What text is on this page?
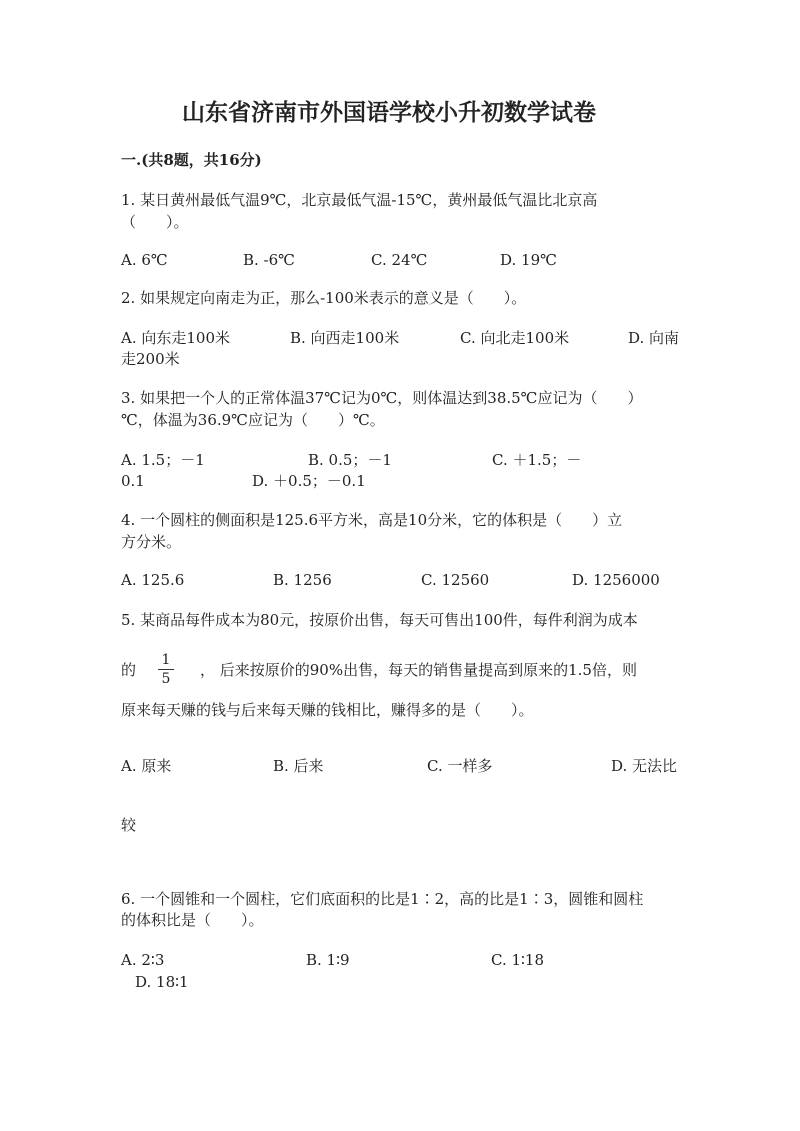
山东省济南市外国语学校小升初数学试卷
一.(共8题，共16分)
1. 某日黄州最低气温9℃，北京最低气温-15℃，黄州最低气温比北京高
（　　）。
A. 6℃	B. -6℃	C. 24℃	D. 19℃
2. 如果规定向南走为正，那么-100米表示的意义是（　　）。
A. 向东走100米	B. 向西走100米	C. 向北走100米	D. 向南
走200米
3. 如果把一个人的正常体温37℃记为0℃，则体温达到38.5℃应记为（　　）
℃，体温为36.9℃应记为（　　）℃。
A. 1.5；－1	B. 0.5；－1	C. ＋1.5；－
0.1	D. ＋0.5；－0.1
4. 一个圆柱的侧面积是125.6平方米，高是10分米，它的体积是（　　）立
方分米。
A. 125.6	B. 1256	C. 12560	D. 1256000
5. 某商品每件成本为80元，按原价出售，每天可售出100件，每件利润为成本
的 $\frac{1}{5}$ ， 后来按原价的90%出售，每天的销售量提高到原来的1.5倍，则
原来每天赚的钱与后来每天赚的钱相比，赚得多的是（　　）。
A. 原来	B. 后来	C. 一样多	D. 无法比
较
6. 一个圆锥和一个圆柱，它们底面积的比是1∶2，高的比是1∶3，圆锥和圆柱
的体积比是（　　）。
A. 2∶3	B. 1∶9	C. 1∶18
D. 18∶1
